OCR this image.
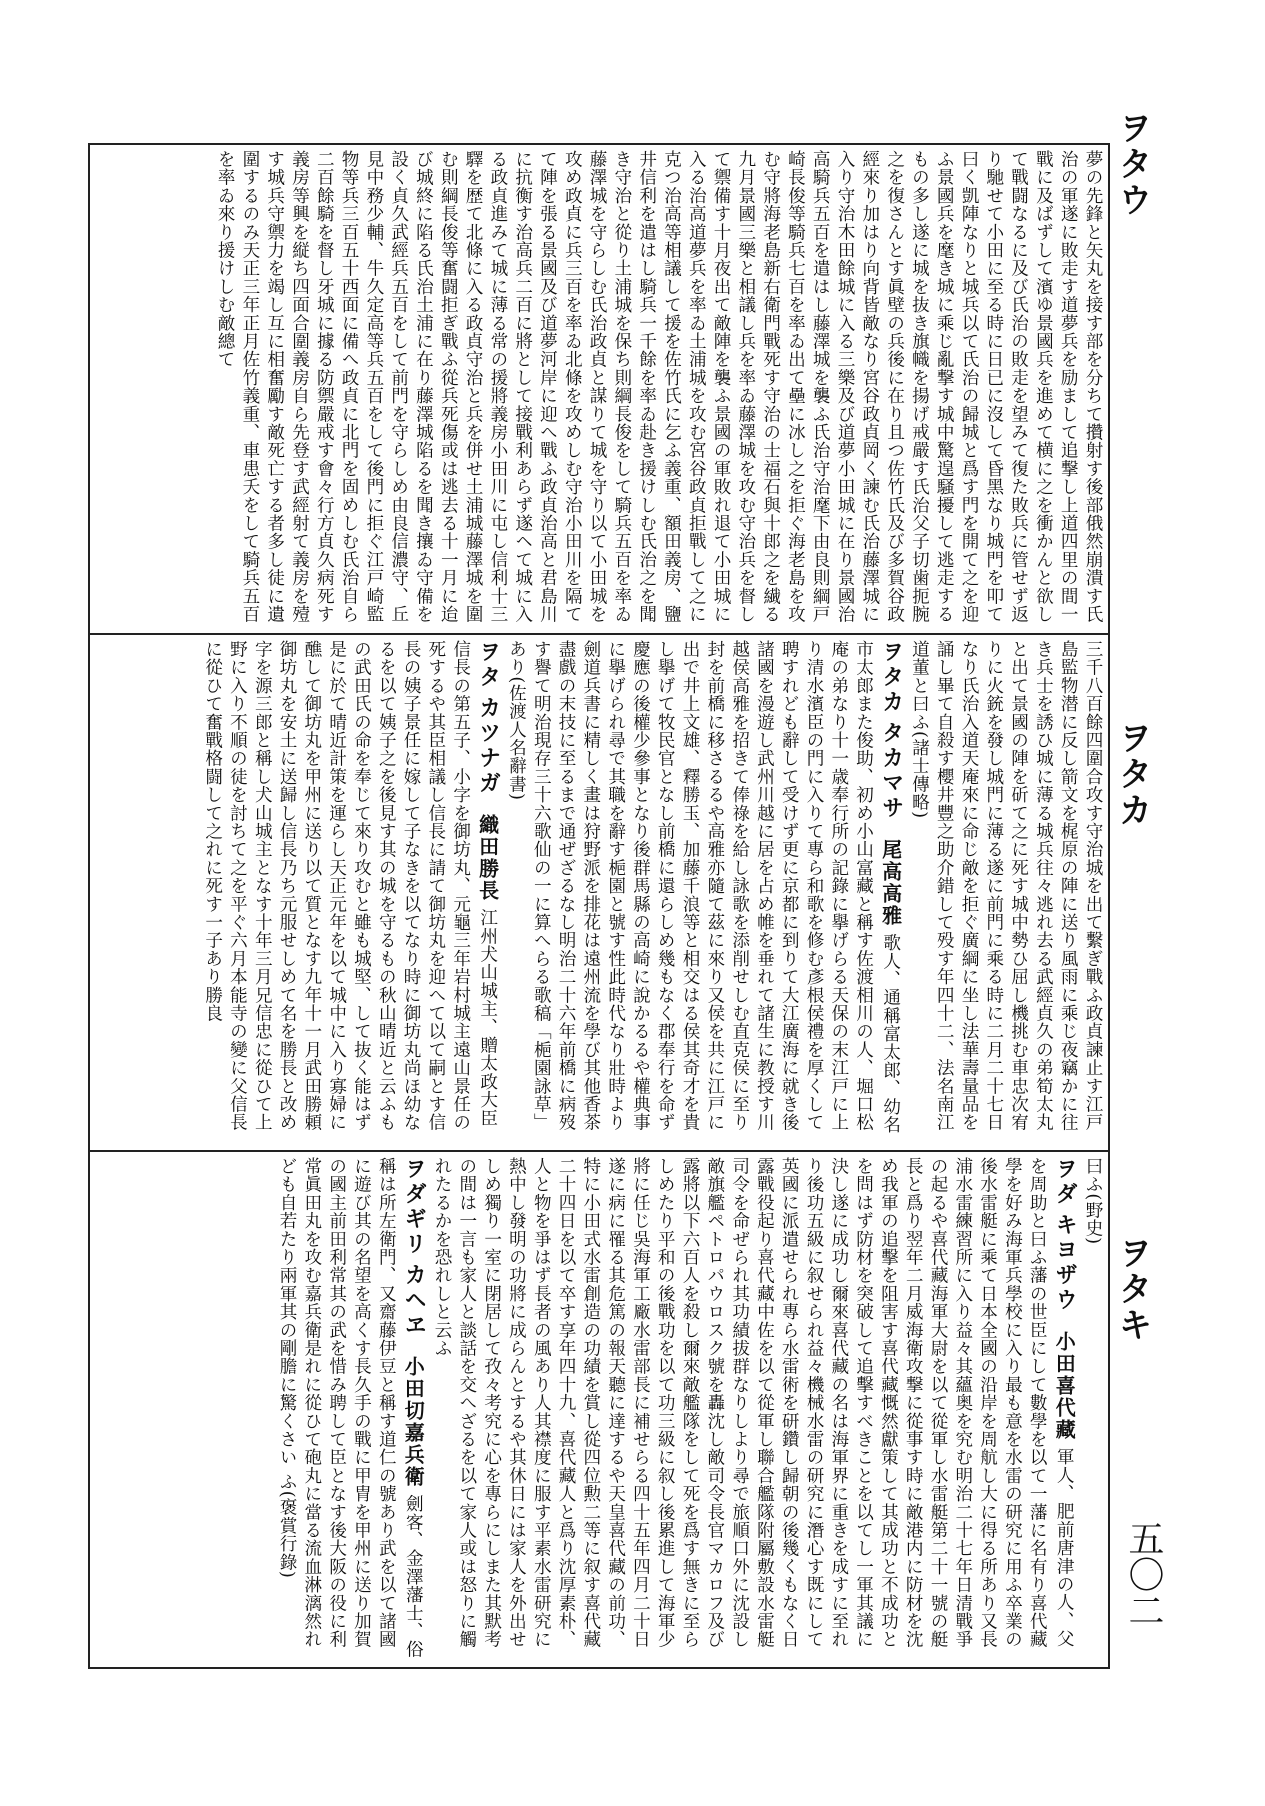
ヲタウ
ヲタカ
ヲタキ
五〇二

夢の先鋒と矢丸を接す部を分ちて攢射す後部俄然崩潰す氏治の軍遂に敗走す道夢兵を励まして追撃し上道四里の間一戰に及ばずして濱ゆ景國兵を進めて横に之を衝かんと欲して戰闘なるに及び氏治の敗走を望みて復た敗兵に管せず返り馳せて小田に至る時に日已に沒して昏黑なり城門を叩て曰く凱陣なりと城兵以て氏治の歸城と爲す門を開て之を迎ふ景國兵を麾き城に乘じ亂撃す城中驚遑騒擾して逃走するもの多し遂に城を抜き旗幟を揚げ戒嚴す氏治父子切歯扼腕之を復さんとす眞壁の兵後に在り且つ佐竹氏及び多賀谷政經來り加はり向背皆敵なり宮谷政貞岡く諫む氏治藤澤城に入り守治木田餘城に入る三樂及び道夢小田城に在り景國治高騎兵五百を遣はし藤澤城を襲ふ氏治守治麾下由良則綱戸崎長俊等騎兵七百を率ゐ出て壘に冰し之を拒ぐ海老島を攻む守將海老島新右衛門戰死す守治の士福石與十郎之を繊る九月景國三樂と相議し兵を率ゐ藤澤城を攻む守治兵を督して禦備す十月夜出て敵陣を襲ふ景國の軍敗れ退て小田城に入る治高道夢兵を率ゐ土浦城を攻む宮谷政貞拒戰して之に克つ治高等相議して援を佐竹氏に乞ふ義重、額田義房、鹽井信利を遣はし騎兵一千餘を率ゐ赴き援けしむ氏治之を聞き守治と從り土浦城を保ち則綱長俊をして騎兵五百を率ゐ藤澤城を守らしむ氏治政貞と謀りて城を守り以て小田城を攻め政貞に兵三百を率ゐ北條を攻めしむ守治小田川を隔てて陣を張る景國及び道夢河岸に迎へ戰ふ政貞治高と君島川に抗衡す治高兵二百に將として接戰利あらず遂ヘて城に入る政貞進みて城に薄る常の援將義房小田川に屯し信利十三驛を歴て北條に入る政貞守治と兵を併せ土浦城藤澤城を圍む則綱長俊等奮闘拒ぎ戰ふ從兵死傷或は逃去る十一月に迨び城終に陷る氏治土浦に在り藤澤城陷るを聞き攘ゐ守備を設く貞久武經兵五百をして前門を守らしめ由良信濃守、丘見中務少輔、牛久定高等兵五百をして後門に拒ぐ江戸崎監物等兵三百五十西面に備へ政貞に北門を固めしむ氏治自ら二百餘騎を督し牙城に據る防禦嚴戒す會々行方貞久病死す義房等興を縦ち四面合圍義房自ら先登す武經射て義房を殪す城兵守禦力を竭し互に相奮勵す敵死亡する者多し徒に遺圍するのみ天正三年正月佐竹義重、車患夭をして騎兵五百を率ゐ來り援けしむ敵總て

三千八百餘四圍合攻す守治城を出て繫ぎ戰ふ政貞諫止す江戸島監物潜に反し箭文を梶原の陣に送り風雨に乘じ夜竊かに往き兵士を誘ひ城に薄る城兵往々逃れ去る武經貞久の弟筍太丸と出て景國の陣を斫て之に死す城中勢ひ屈し機挑む車忠次宥りに火銃を發し城門に薄る遂に前門に乘る時に二月二十七日なり氏治入道天庵來に命じ敵を拒ぐ廣綱に坐し法華壽量品を誦し畢て自殺す櫻井豐之助介錯して殁す年四十二、法名南江道董と曰ふ(諸士傳略)

ヲタカ タカマサ 尾高高雅 歌人、通稱富太郎、幼名市太郎また俊助、初め小山富藏と稱す佐渡相川の人、堀口松庵の弟なり十一歳奉行所の記錄に擧げらる天保の末江戸に上り清水濱臣の門に入りて專ら和歌を修む彥根侯禮を厚くして聘すれども辭して受けず更に京都に到りて大江廣海に就き後諸國を漫遊し武州川越に居を占め帷を垂れて諸生に教授す川越侯高雅を招きて俸祿を給し詠歌を添削せしむ直克侯に至り封を前橋に移さるるや高雅亦隨て茲に來り又侯を共に江戸に出で井上文雄、釋勝玉、加藤千浪等と相交はる侯其奇才を貴し擧げて牧民官となし前橋に還らしめ幾もなく郡奉行を命ず慶應の後權少參事となり後群馬縣の高崎に說かるるや權典事に擧げられ尋で其職を辭す梔園と號す性此時代なり壯時より劍道兵書に精しく畫は狩野派を排花は遠州流を學び其他香茶盡戲の末技に至るまで通ぜざるなし明治二十六年前橋に病歿す譽て明治現存三十六歌仙の一に算へらる歌稿「梔園詠草」あり(佐渡人名辭書)

ヲタ カツナガ 織田勝長 江州犬山城主、贈太政大臣信長の第五子、小字を御坊丸、元龜三年岩村城主遠山景任の死するや其臣相議し信長に請て御坊丸を迎へて以て嗣とす信長の姨子景任に嫁して子なきを以てなり時に御坊丸尚ほ幼なるを以て姨子之を後見す其の城を守るもの秋山晴近と云ふもの武田氏の命を奉じて來り攻むと雖も城堅、して抜く能はず是に於て晴近計策を運らし天正元年を以て城中に入り寡婦に醮して御坊丸を甲州に送り以て質となす九年十一月武田勝頼御坊丸を安土に送歸し信長乃ち元服せしめて名を勝長と改め字を源三郎と稱し犬山城主となす十年三月兄信忠に從ひて上野に入り不順の徒を討ちて之を平ぐ六月本能寺の變に父信長に從ひて奮戰格闘して之れに死す一子あり勝良

曰ふ(野史)

ヲダ キヨザウ 小田喜代藏 軍人、肥前唐津の人、父を周助と曰ふ藩の世臣にして數學を以て一藩に名有り喜代藏學を好み海軍兵學校に入り最も意を水雷の研究に用ふ卒業の後水雷艇に乘て日本全國の沿岸を周航し大に得る所あり又長浦水雷練習所に入り益々其蘊奥を究む明治二十七年日清戰爭の起るや喜代藏海軍大尉を以て從軍し水雷艇第二十一號の艇長と爲り翌年二月威海衛攻撃に從事す時に敵港内に防材を沈め我軍の追擊を阻害す喜代藏慨然獻策して其成功と不成功とを問はず防材を突破して追擊すべきことを以てし一軍其議に決し遂に成功し爾來喜代藏の名は海軍界に重きを成すに至れり後功五級に叙せられ益々機械水雷の研究に潛心す既にして英國に派遣せられ專ら水雷術を研鑽し歸朝の後幾くもなく日露戰役起り喜代藏中佐を以て從軍し聯合艦隊附屬敷設水雷艇司令を命ぜられ其功績拔群なりしより尋で旅順口外に沈設し敵旗艦ペトロパウロスク號を轟沈し敵司令長官マカロフ及び露將以下六百人を殺し爾來敵艦隊をして死を爲す無きに至らしめたり平和の後戰功を以て功三級に叙し後累進して海軍少將に任じ吳海軍工廠水雷部長に補せらる四十五年四月二十日遂に病に罹る其危篤の報天聽に達するや天皇喜代藏の前功、特に小田式水雷創造の功績を賞し從四位勲二等に叙す喜代藏二十四日を以て卒す享年四十九、喜代藏人と爲り沈厚素朴、人と物を爭はず長者の風あり人其襟度に服す平素水雷研究に熱中し發明の功將に成らんとするや其休日には家人を外出せしめ獨り一室に閉居して孜々考究に心を專らにしまた其默考の間は一言も家人と談話を交へざるを以て家人或は怒りに觸れたるかを恐れしと云ふ

ヲダギリ カヘヱ 小田切嘉兵衛 劍客、金澤藩士、俗稱は所左衛門、又齋藤伊豆と稱す道仁の號あり武を以て諸國に遊び其の名望を高くす長久手の戰に甲胄を甲州に送り加賀の國主前田利常其の武を惜み聘して臣となす後大阪の役に利常眞田丸を攻む嘉兵衛是れに從ひて砲丸に當る流血淋漓然れども自若たり兩軍其の剛膽に驚くさい ふ(褒賞行錄)
